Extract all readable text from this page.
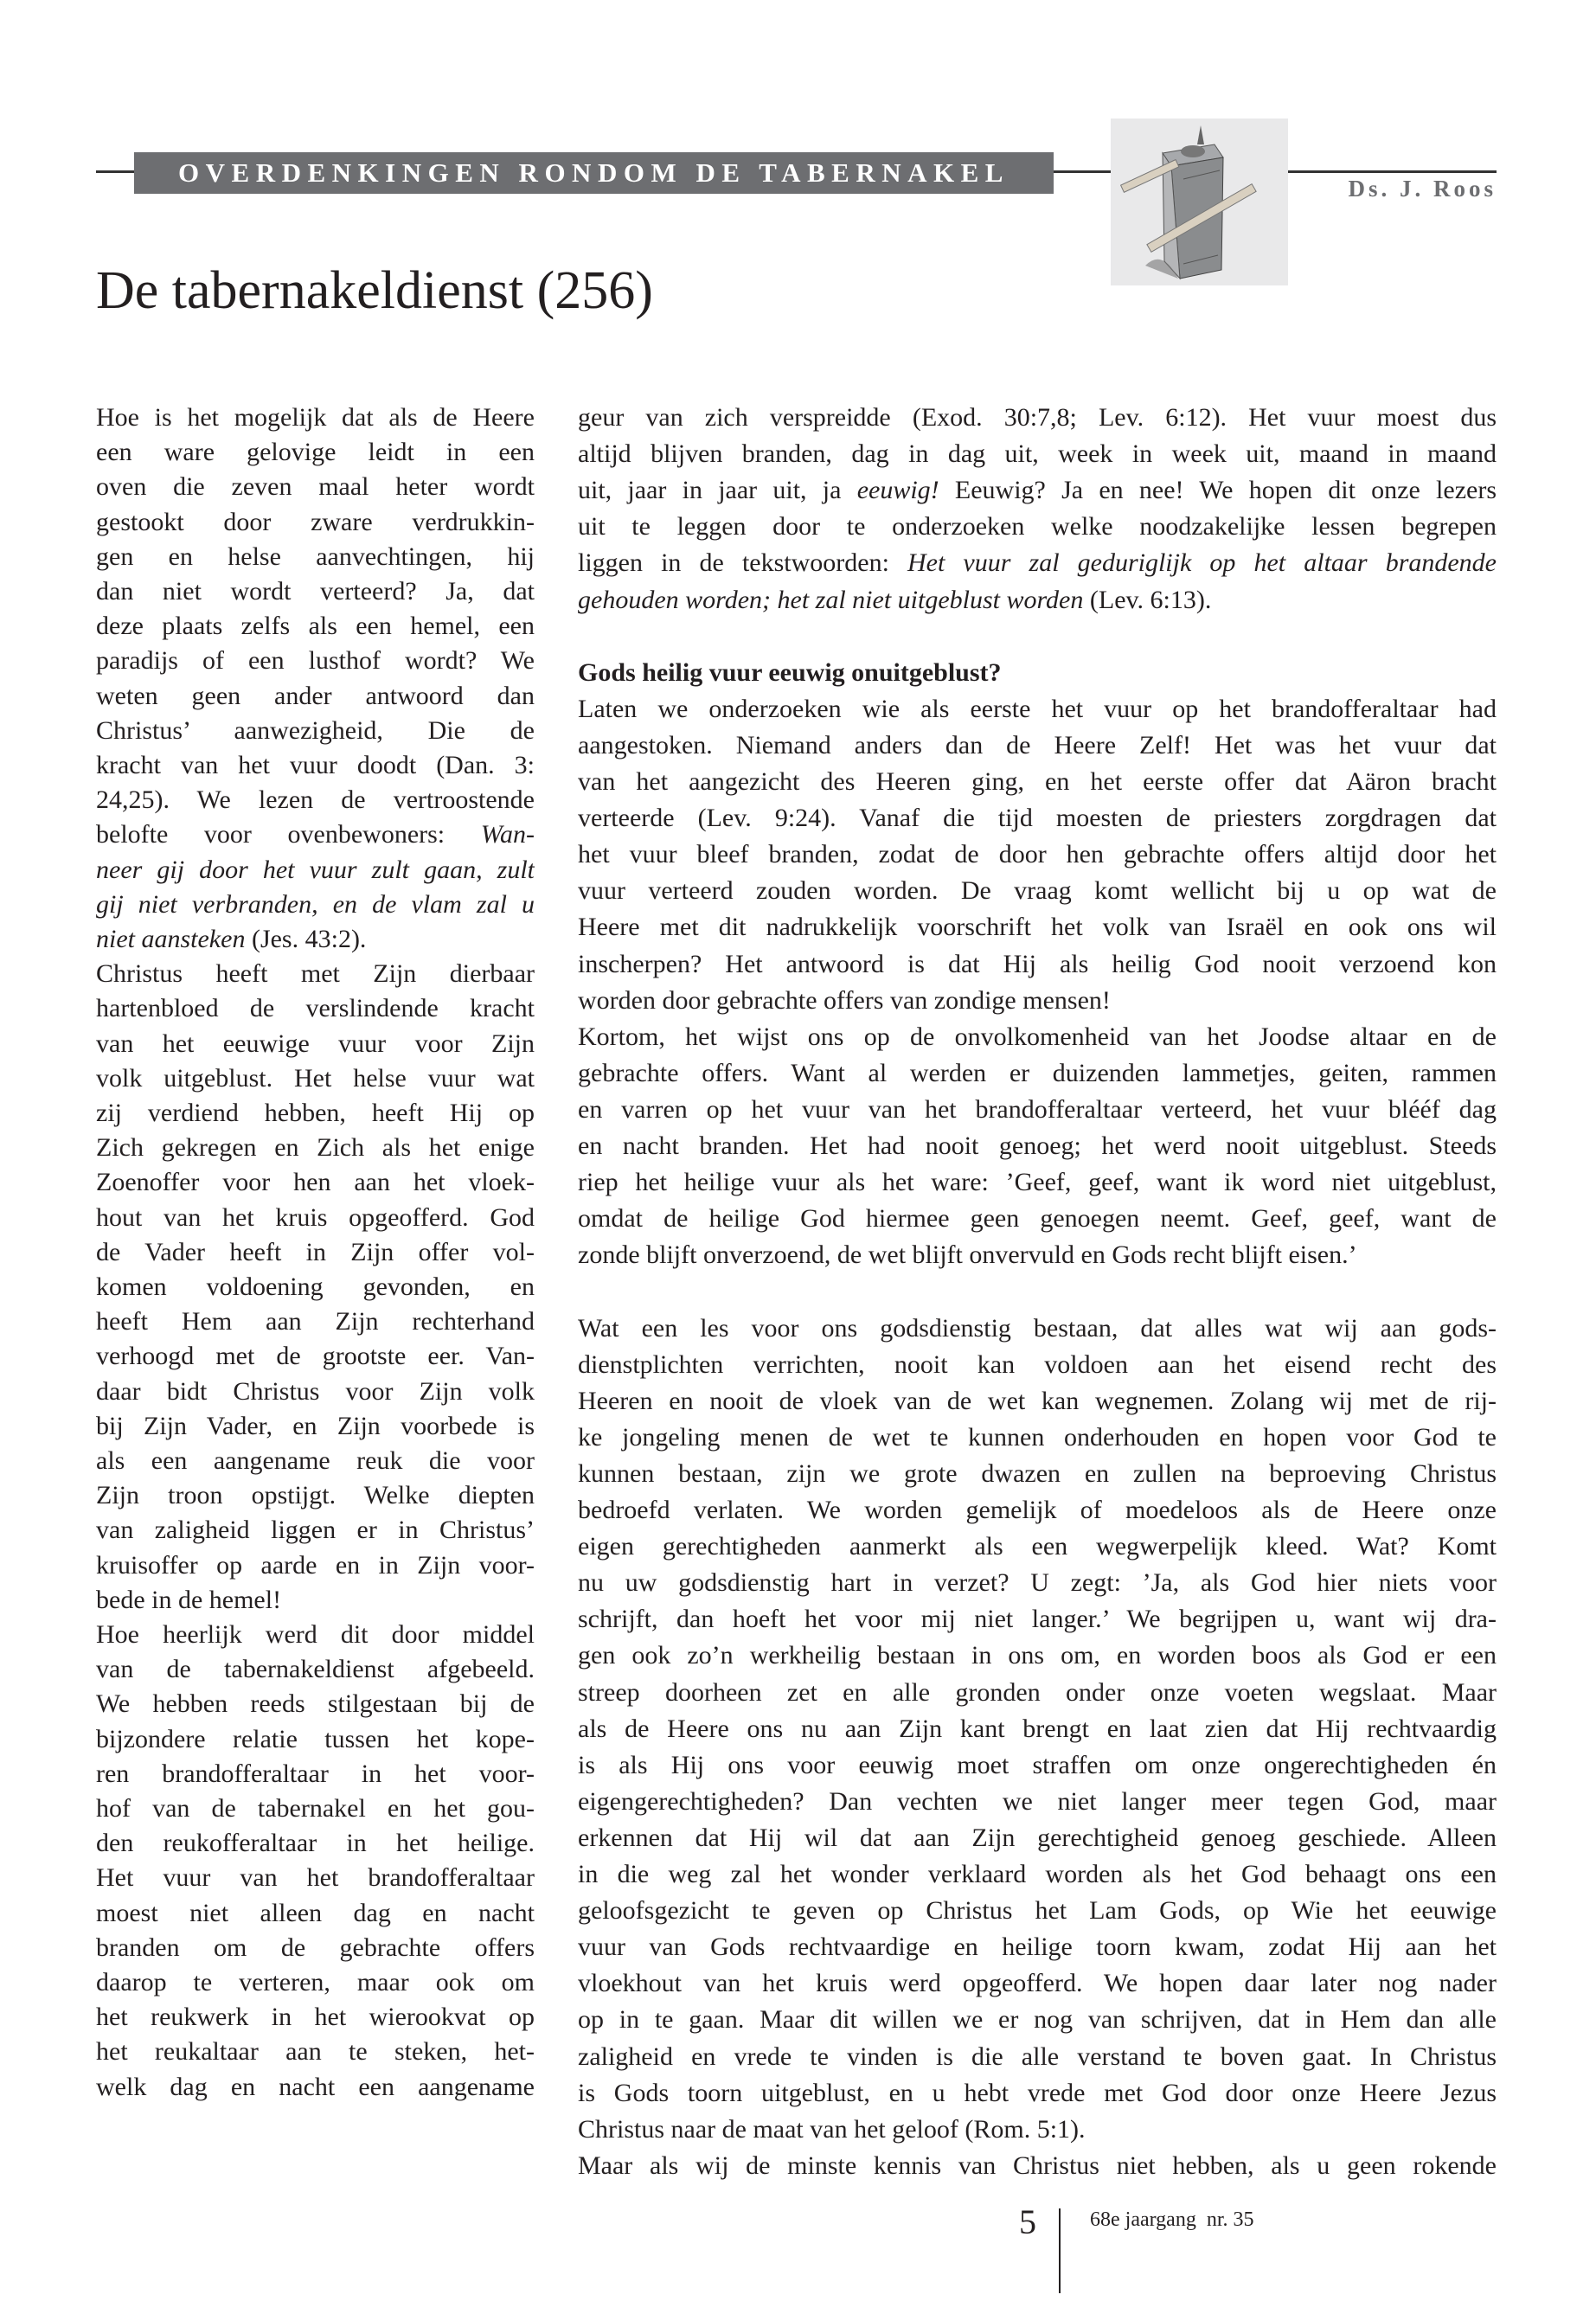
OVERDENKINGEN RONDOM DE TABERNAKEL
Ds. J. Roos
De tabernakeldienst (256)
Hoe is het mogelijk dat als de Heere
een ware gelovige leidt in een
oven die zeven maal heter wordt
gestookt door zware verdrukkin-
gen en helse aanvechtingen, hij
dan niet wordt verteerd? Ja, dat
deze plaats zelfs als een hemel, een
paradijs of een lusthof wordt? We
weten geen ander antwoord dan
Christus’ aanwezigheid, Die de
kracht van het vuur doodt (Dan. 3:
24,25). We lezen de vertroostende
belofte voor ovenbewoners: Wan-
neer gij door het vuur zult gaan, zult
gij niet verbranden, en de vlam zal u
niet aansteken (Jes. 43:2).
Christus heeft met Zijn dierbaar
hartenbloed de verslindende kracht
van het eeuwige vuur voor Zijn
volk uitgeblust. Het helse vuur wat
zij verdiend hebben, heeft Hij op
Zich gekregen en Zich als het enige
Zoenoffer voor hen aan het vloek-
hout van het kruis opgeofferd. God
de Vader heeft in Zijn offer vol-
komen voldoening gevonden, en
heeft Hem aan Zijn rechterhand
verhoogd met de grootste eer. Van-
daar bidt Christus voor Zijn volk
bij Zijn Vader, en Zijn voorbede is
als een aangename reuk die voor
Zijn troon opstijgt. Welke diepten
van zaligheid liggen er in Christus’
kruisoffer op aarde en in Zijn voor-
bede in de hemel!
Hoe heerlijk werd dit door middel
van de tabernakeldienst afgebeeld.
We hebben reeds stilgestaan bij de
bijzondere relatie tussen het kope-
ren brandofferaltaar in het voor-
hof van de tabernakel en het gou-
den reukofferaltaar in het heilige.
Het vuur van het brandofferaltaar
moest niet alleen dag en nacht
branden om de gebrachte offers
daarop te verteren, maar ook om
het reukwerk in het wierookvat op
het reukaltaar aan te steken, het-
welk dag en nacht een aangename
geur van zich verspreidde (Exod. 30:7,8; Lev. 6:12). Het vuur moest dus
altijd blijven branden, dag in dag uit, week in week uit, maand in maand
uit, jaar in jaar uit, ja eeuwig! Eeuwig? Ja en nee! We hopen dit onze lezers
uit te leggen door te onderzoeken welke noodzakelijke lessen begrepen
liggen in de tekstwoorden: Het vuur zal geduriglijk op het altaar brandende
gehouden worden; het zal niet uitgeblust worden (Lev. 6:13).
Gods heilig vuur eeuwig onuitgeblust?
Laten we onderzoeken wie als eerste het vuur op het brandofferaltaar had
aangestoken. Niemand anders dan de Heere Zelf! Het was het vuur dat
van het aangezicht des Heeren ging, en het eerste offer dat Aäron bracht
verteerde (Lev. 9:24). Vanaf die tijd moesten de priesters zorgdragen dat
het vuur bleef branden, zodat de door hen gebrachte offers altijd door het
vuur verteerd zouden worden. De vraag komt wellicht bij u op wat de
Heere met dit nadrukkelijk voorschrift het volk van Israël en ook ons wil
inscherpen? Het antwoord is dat Hij als heilig God nooit verzoend kon
worden door gebrachte offers van zondige mensen!
Kortom, het wijst ons op de onvolkomenheid van het Joodse altaar en de
gebrachte offers. Want al werden er duizenden lammetjes, geiten, rammen
en varren op het vuur van het brandofferaltaar verteerd, het vuur blééf dag
en nacht branden. Het had nooit genoeg; het werd nooit uitgeblust. Steeds
riep het heilige vuur als het ware: ’Geef, geef, want ik word niet uitgeblust,
omdat de heilige God hiermee geen genoegen neemt. Geef, geef, want de
zonde blijft onverzoend, de wet blijft onvervuld en Gods recht blijft eisen.’
Wat een les voor ons godsdienstig bestaan, dat alles wat wij aan gods-
dienstplichten verrichten, nooit kan voldoen aan het eisend recht des
Heeren en nooit de vloek van de wet kan wegnemen. Zolang wij met de rij-
ke jongeling menen de wet te kunnen onderhouden en hopen voor God te
kunnen bestaan, zijn we grote dwazen en zullen na beproeving Christus
bedroefd verlaten. We worden gemelijk of moedeloos als de Heere onze
eigen gerechtigheden aanmerkt als een wegwerpelijk kleed. Wat? Komt
nu uw godsdienstig hart in verzet? U zegt: ’Ja, als God hier niets voor
schrijft, dan hoeft het voor mij niet langer.’ We begrijpen u, want wij dra-
gen ook zo’n werkheilig bestaan in ons om, en worden boos als God er een
streep doorheen zet en alle gronden onder onze voeten wegslaat. Maar
als de Heere ons nu aan Zijn kant brengt en laat zien dat Hij rechtvaardig
is als Hij ons voor eeuwig moet straffen om onze ongerechtigheden én
eigengerechtigheden? Dan vechten we niet langer meer tegen God, maar
erkennen dat Hij wil dat aan Zijn gerechtigheid genoeg geschiede. Alleen
in die weg zal het wonder verklaard worden als het God behaagt ons een
geloofsgezicht te geven op Christus het Lam Gods, op Wie het eeuwige
vuur van Gods rechtvaardige en heilige toorn kwam, zodat Hij aan het
vloekhout van het kruis werd opgeofferd. We hopen daar later nog nader
op in te gaan. Maar dit willen we er nog van schrijven, dat in Hem dan alle
zaligheid en vrede te vinden is die alle verstand te boven gaat. In Christus
is Gods toorn uitgeblust, en u hebt vrede met God door onze Heere Jezus
Christus naar de maat van het geloof (Rom. 5:1).
Maar als wij de minste kennis van Christus niet hebben, als u geen rokende
5	68e jaargang  nr. 35
